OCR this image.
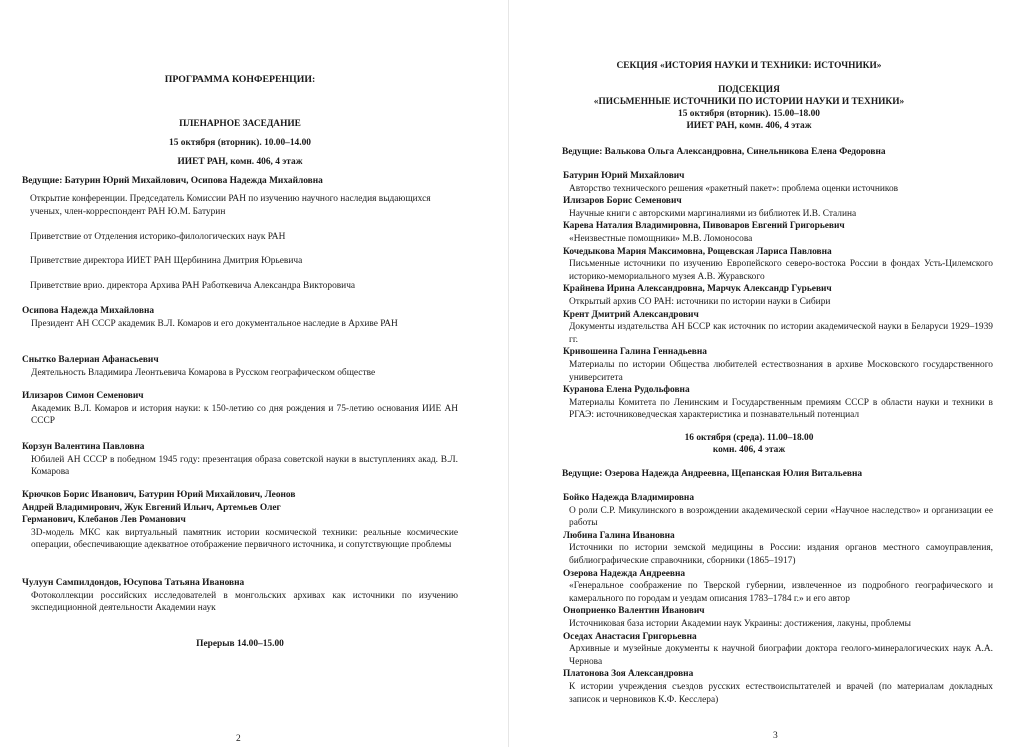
ПРОГРАММА КОНФЕРЕНЦИИ:
ПЛЕНАРНОЕ ЗАСЕДАНИЕ
15 октября (вторник). 10.00–14.00
ИИЕТ РАН, комн. 406, 4 этаж
Ведущие: Батурин Юрий Михайлович, Осипова Надежда Михайловна
Открытие конференции. Председатель Комиссии РАН по изучению научного наследия выдающихся ученых, член-корреспондент РАН Ю.М. Батурин
Приветствие от Отделения историко-филологических наук РАН
Приветствие директора ИИЕТ РАН Щербинина Дмитрия Юрьевича
Приветствие врио. директора Архива РАН Работкевича Александра Викторовича
Осипова Надежда Михайловна
Президент АН СССР академик В.Л. Комаров и его документальное наследие в Архиве РАН
Снытко Валериан Афанасьевич
Деятельность Владимира Леонтьевича Комарова в Русском географическом обществе
Илизаров Симон Семенович
Академик В.Л. Комаров и история науки: к 150-летию со дня рождения и 75-летию основания ИИЕ АН СССР
Корзун Валентина Павловна
Юбилей АН СССР в победном 1945 году: презентация образа советской науки в выступлениях акад. В.Л. Комарова
Крючков Борис Иванович, Батурин Юрий Михайлович, Леонов Андрей Владимирович, Жук Евгений Ильич, Артемьев Олег Германович, Клебанов Лев Романович
3D-модель МКС как виртуальный памятник истории космической техники: реальные космические операции, обеспечивающие адекватное отображение первичного источника, и сопутствующие проблемы
Чулуун Сампилдондов, Юсупова Татьяна Ивановна
Фотоколлекции российских исследователей в монгольских архивах как источники по изучению экспедиционной деятельности Академии наук
Перерыв 14.00–15.00
2
СЕКЦИЯ «ИСТОРИЯ НАУКИ И ТЕХНИКИ: ИСТОЧНИКИ»
ПОДСЕКЦИЯ
«ПИСЬМЕННЫЕ ИСТОЧНИКИ ПО ИСТОРИИ НАУКИ И ТЕХНИКИ»
15 октября (вторник). 15.00–18.00
ИИЕТ РАН, комн. 406, 4 этаж
Ведущие: Валькова Ольга Александровна, Синельникова Елена Федоровна
Батурин Юрий Михайлович
Авторство технического решения «ракетный пакет»: проблема оценки источников
Илизаров Борис Семенович
Научные книги с авторскими маргиналиями из библиотек И.В. Сталина
Карева Наталия Владимировна, Пивоваров Евгений Григорьевич
«Неизвестные помощники» М.В. Ломоносова
Кочедыкова Мария Максимовна, Рощевская Лариса Павловна
Письменные источники по изучению Европейского северо-востока России в фондах Усть-Цилемского историко-мемориального музея А.В. Журавского
Крайнева Ирина Александровна, Марчук Александр Гурьевич
Открытый архив СО РАН: источники по истории науки в Сибири
Крент Дмитрий Александрович
Документы издательства АН БССР как источник по истории академической науки в Беларуси 1929–1939 гг.
Кривошеина Галина Геннадьевна
Материалы по истории Общества любителей естествознания в архиве Московского государственного университета
Куранова Елена Рудольфовна
Материалы Комитета по Ленинским и Государственным премиям СССР в области науки и техники в РГАЭ: источниковедческая характеристика и познавательный потенциал
16 октября (среда). 11.00–18.00
комн. 406, 4 этаж
Ведущие: Озерова Надежда Андреевна, Щепанская Юлия Витальевна
Бойко Надежда Владимировна
О роли С.Р. Микулинского в возрождении академической серии «Научное наследство» и организации ее работы
Любина Галина Ивановна
Источники по истории земской медицины в России: издания органов местного самоуправления, библиографические справочники, сборники (1865–1917)
Озерова Надежда Андреевна
«Генеральное соображение по Тверской губернии, извлеченное из подробного географического и камерального по городам и уездам описания 1783–1784 г.» и его автор
Оноприенко Валентин Иванович
Источниковая база истории Академии наук Украины: достижения, лакуны, проблемы
Оседах Анастасия Григорьевна
Архивные и музейные документы к научной биографии доктора геолого-минералогических наук А.А. Чернова
Платонова Зоя Александровна
К истории учреждения съездов русских естествоиспытателей и врачей (по материалам докладных записок и черновиков К.Ф. Кесслера)
3
